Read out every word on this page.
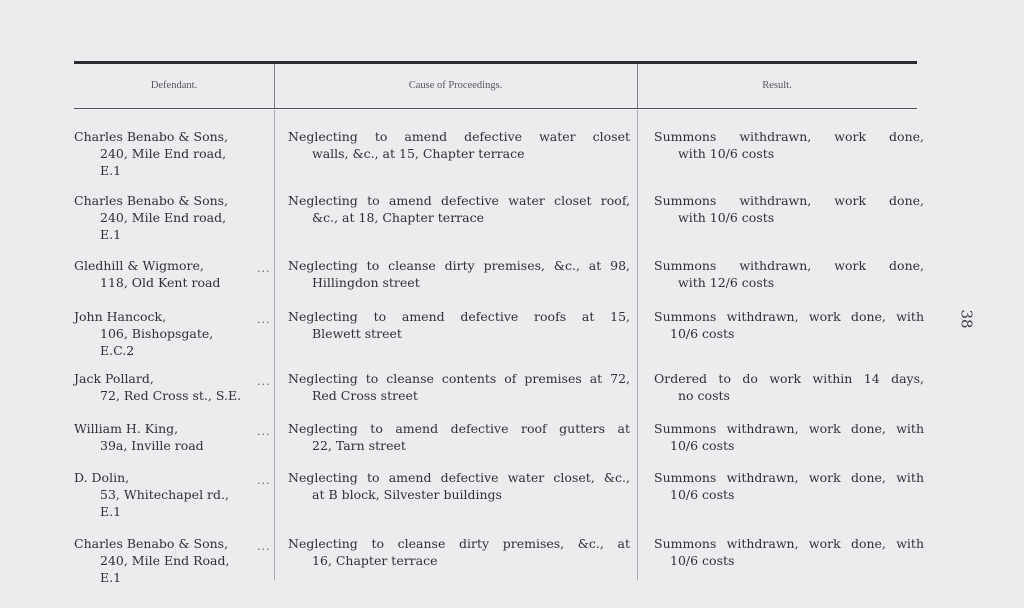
Defendant.	Cause of Proceedings.	Result.
Charles Benabo & Sons,
240, Mile End road,
E.1
Neglecting to amend defective water closet
walls, &c., at 15, Chapter terrace
Summons withdrawn, work done,
with 10/6 costs
Charles Benabo & Sons,
240, Mile End road,
E.1
Neglecting to amend defective water closet roof,
&c., at 18, Chapter terrace
Summons withdrawn, work done,
with 10/6 costs
...
Gledhill & Wigmore,
118, Old Kent road
Neglecting to cleanse dirty premises, &c., at 98,
Hillingdon street
Summons withdrawn, work done,
with 12/6 costs
...
John Hancock,
106, Bishopsgate,
E.C.2
Neglecting to amend defective roofs at 15,
Blewett street
Summons withdrawn, work done, with
10/6 costs
...
Jack Pollard,
72, Red Cross st., S.E.
Neglecting to cleanse contents of premises at 72,
Red Cross street
Ordered to do work within 14 days,
no costs
...
William H. King,
39a, Inville road
Neglecting to amend defective roof gutters at
22, Tarn street
Summons withdrawn, work done, with
10/6 costs
...
D. Dolin,
53, Whitechapel rd.,
E.1
Neglecting to amend defective water closet, &c.,
at B block, Silvester buildings
Summons withdrawn, work done, with
10/6 costs
...
Charles Benabo & Sons,
240, Mile End Road,
E.1
Neglecting to cleanse dirty premises, &c., at
16, Chapter terrace
Summons withdrawn, work done, with
10/6 costs
38
